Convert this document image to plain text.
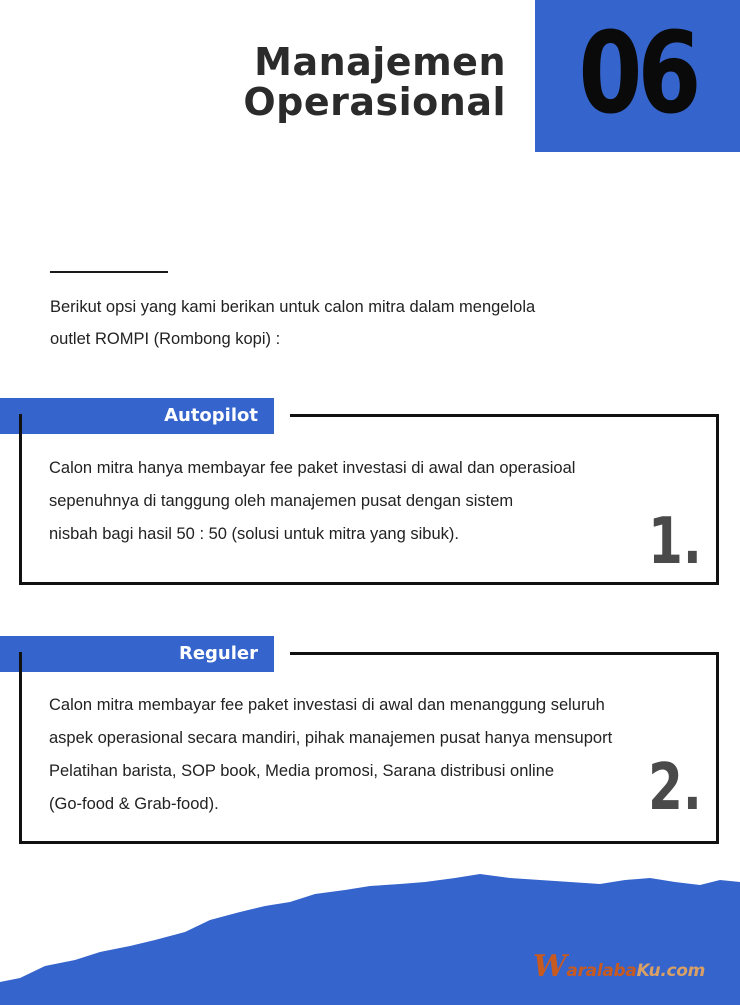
Manajemen
Operasional 06
Berikut opsi yang kami berikan untuk calon mitra dalam mengelola
outlet ROMPI (Rombong kopi) :
Autopilot
Calon mitra hanya membayar fee paket investasi di awal dan operasioal
sepenuhnya di tanggung oleh manajemen pusat dengan sistem
nisbah bagi hasil 50 : 50 (solusi untuk mitra yang sibuk).	1.
Reguler
Calon mitra membayar fee paket investasi di awal dan menanggung seluruh
aspek operasional secara mandiri, pihak manajemen pusat hanya mensuport
Pelatihan barista, SOP book, Media promosi, Sarana distribusi online
(Go-food & Grab-food).	2.
WaralabaKu.com
